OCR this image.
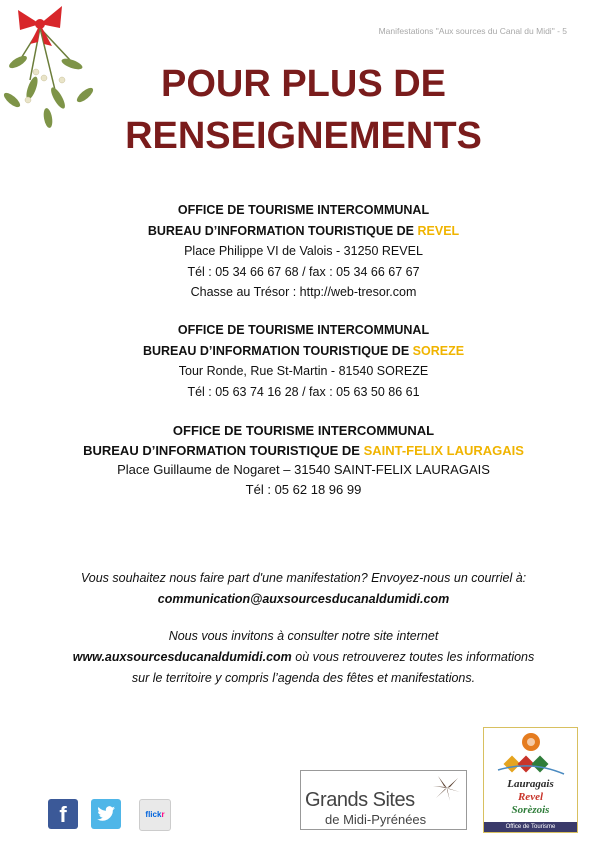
Manifestations "Aux sources du Canal du Midi" - 5
POUR PLUS DE
RENSEIGNEMENTS
OFFICE DE TOURISME INTERCOMMUNAL
BUREAU D’INFORMATION TOURISTIQUE DE REVEL
Place Philippe VI de Valois - 31250 REVEL
Tél : 05 34 66 67 68 / fax : 05 34 66 67 67
Chasse au Trésor : http://web-tresor.com
OFFICE DE TOURISME INTERCOMMUNAL
BUREAU D’INFORMATION TOURISTIQUE DE SOREZE
Tour Ronde, Rue St-Martin - 81540 SOREZE
Tél : 05 63 74 16 28 / fax : 05 63 50 86 61
OFFICE DE TOURISME INTERCOMMUNAL
BUREAU D’INFORMATION TOURISTIQUE DE SAINT-FELIX LAURAGAIS
Place Guillaume de Nogaret – 31540 SAINT-FELIX LAURAGAIS
Tél : 05 62 18 96 99
Vous souhaitez nous faire part d'une manifestation? Envoyez-nous un courriel à:
communication@auxsourcesducanaldumidi.com
Nous vous invitons à consulter notre site internet
www.auxsourcesducanaldumidi.com où vous retrouverez toutes les informations
sur le territoire y compris l’agenda des fêtes et manifestations.
f	flickr
Grands Sites
de Midi-Pyrénées
Lauragais
Revel
Sorèzois
Office de Tourisme
